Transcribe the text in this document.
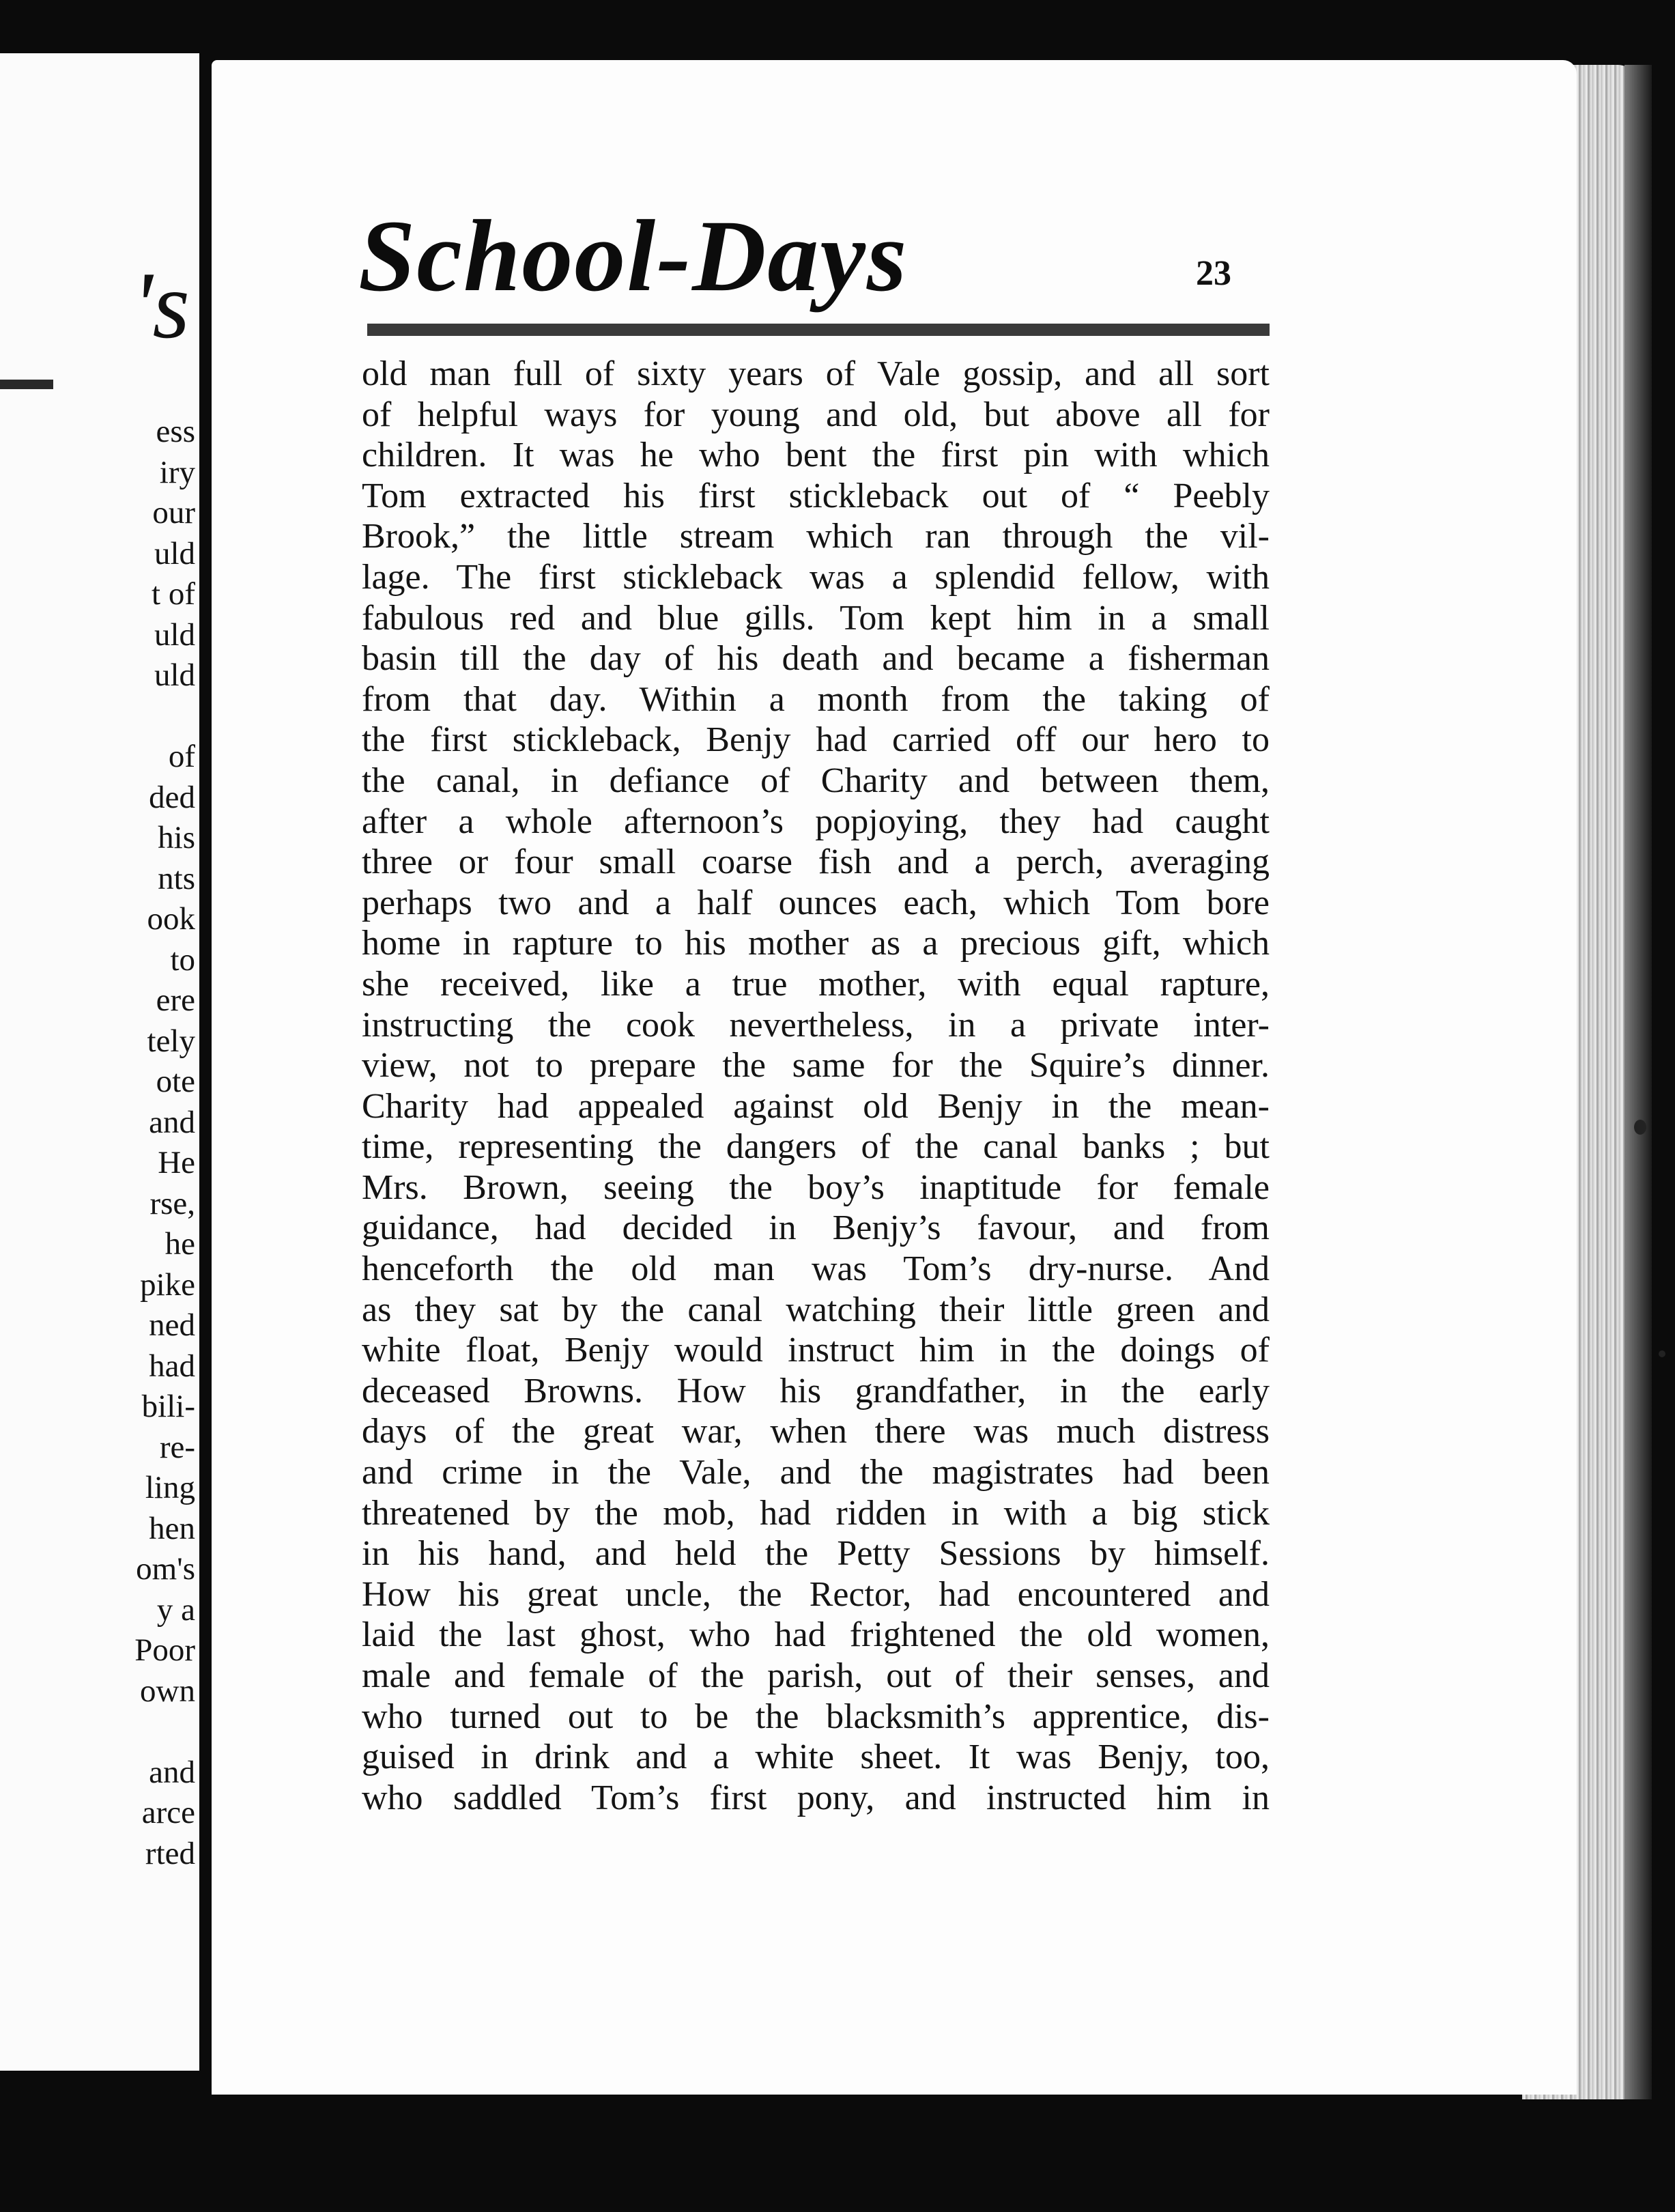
's
ess
iry
our
uld
t of
uld
uld
of
ded
his
nts
ook
to
ere
tely
ote
and
He
rse,
he
pike
ned
had
bili-
re-
ling
hen
om's
y a
Poor
own
and
arce
rted
School-Days	23
old man full of sixty years of Vale gossip, and all sort
of helpful ways for young and old, but above all for
children. It was he who bent the first pin with which
Tom extracted his first stickleback out of “ Peebly
Brook,” the little stream which ran through the vil-
lage. The first stickleback was a splendid fellow, with
fabulous red and blue gills. Tom kept him in a small
basin till the day of his death and became a fisherman
from that day. Within a month from the taking of
the first stickleback, Benjy had carried off our hero to
the canal, in defiance of Charity and between them,
after a whole afternoon’s popjoying, they had caught
three or four small coarse fish and a perch, averaging
perhaps two and a half ounces each, which Tom bore
home in rapture to his mother as a precious gift, which
she received, like a true mother, with equal rapture,
instructing the cook nevertheless, in a private inter-
view, not to prepare the same for the Squire’s dinner.
Charity had appealed against old Benjy in the mean-
time, representing the dangers of the canal banks ; but
Mrs. Brown, seeing the boy’s inaptitude for female
guidance, had decided in Benjy’s favour, and from
henceforth the old man was Tom’s dry-nurse. And
as they sat by the canal watching their little green and
white float, Benjy would instruct him in the doings of
deceased Browns. How his grandfather, in the early
days of the great war, when there was much distress
and crime in the Vale, and the magistrates had been
threatened by the mob, had ridden in with a big stick
in his hand, and held the Petty Sessions by himself.
How his great uncle, the Rector, had encountered and
laid the last ghost, who had frightened the old women,
male and female of the parish, out of their senses, and
who turned out to be the blacksmith’s apprentice, dis-
guised in drink and a white sheet. It was Benjy, too,
who saddled Tom’s first pony, and instructed him in
